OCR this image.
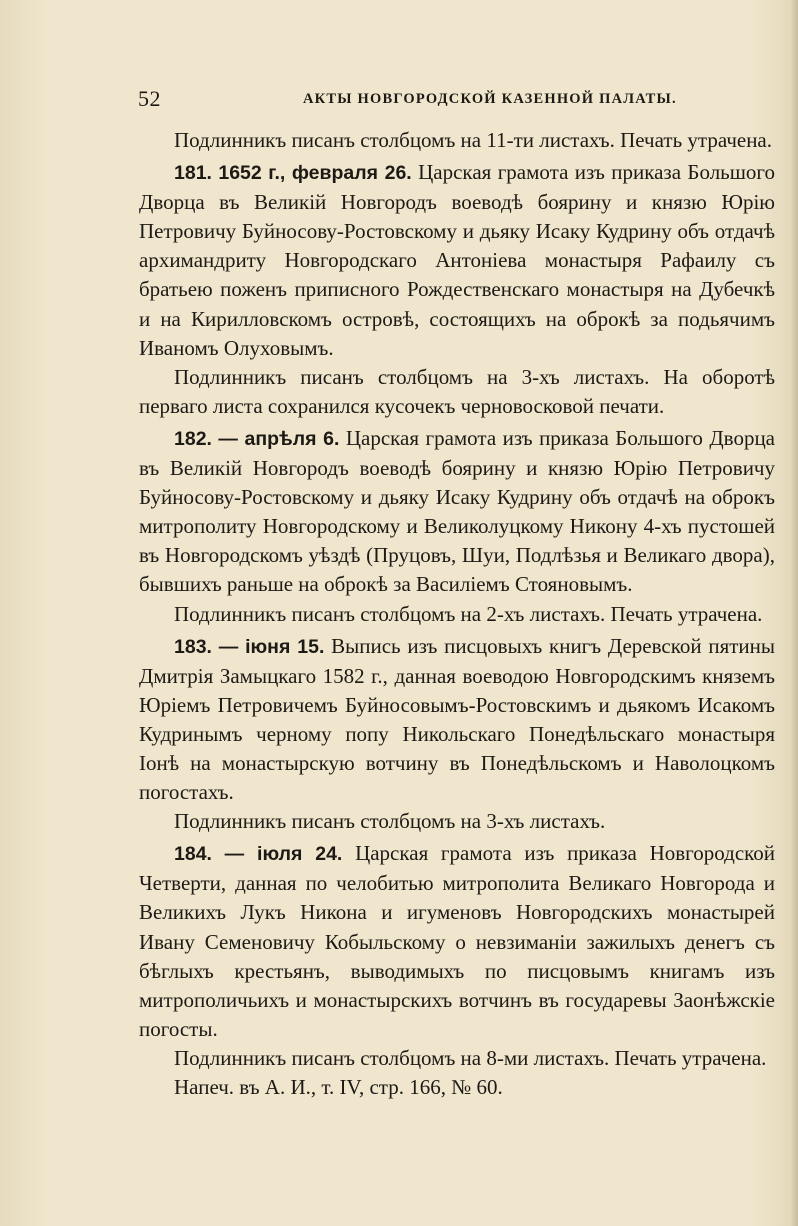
52	АКТЫ НОВГОРОДСКОЙ КАЗЕННОЙ ПАЛАТЫ.

Подлинникъ писанъ столбцомъ на 11-ти листахъ. Печать утрачена.

181. 1652 г., февраля 26. Царская грамота изъ приказа Большого Дворца въ Великій Новгородъ воеводѣ боярину и князю Юрію Петровичу Буйносову-Ростовскому и дьяку Исаку Кудрину объ отдачѣ архимандриту Новгородскаго Антоніева монастыря Рафаилу съ братьею поженъ приписного Рождественскаго монастыря на Дубечкѣ и на Кирилловскомъ островѣ, состоящихъ на оброкѣ за подьячимъ Иваномъ Олуховымъ.

Подлинникъ писанъ столбцомъ на 3-хъ листахъ. На оборотѣ перваго листа сохранился кусочекъ черновосковой печати.

182. — апрѣля 6. Царская грамота изъ приказа Большого Дворца въ Великій Новгородъ воеводѣ боярину и князю Юрію Петровичу Буйносову-Ростовскому и дьяку Исаку Кудрину объ отдачѣ на оброкъ митрополиту Новгородскому и Великолуцкому Никону 4-хъ пустошей въ Новгородскомъ уѣздѣ (Пруцовъ, Шуи, Подлѣзья и Великаго двора), бывшихъ раньше на оброкѣ за Василіемъ Стояновымъ.

Подлинникъ писанъ столбцомъ на 2-хъ листахъ. Печать утрачена.

183. — іюня 15. Выпись изъ писцовыхъ книгъ Деревской пятины Дмитрія Замыцкаго 1582 г., данная воеводою Новгородскимъ княземъ Юріемъ Петровичемъ Буйносовымъ-Ростовскимъ и дьякомъ Исакомъ Кудринымъ черному попу Никольскаго Понедѣльскаго монастыря Іонѣ на монастырскую вотчину въ Понедѣльскомъ и Наволоцкомъ погостахъ.

Подлинникъ писанъ столбцомъ на 3-хъ листахъ.

184. — іюля 24. Царская грамота изъ приказа Новгородской Четверти, данная по челобитью митрополита Великаго Новгорода и Великихъ Лукъ Никона и игуменовъ Новгородскихъ монастырей Ивану Семеновичу Кобыльскому о невзиманіи зажилыхъ денегъ съ бѣглыхъ крестьянъ, выводимыхъ по писцовымъ книгамъ изъ митрополичьихъ и монастырскихъ вотчинъ въ государевы Заонѣжскіе погосты.

Подлинникъ писанъ столбцомъ на 8-ми листахъ. Печать утрачена.

Напеч. въ А. И., т. IV, стр. 166, № 60.
